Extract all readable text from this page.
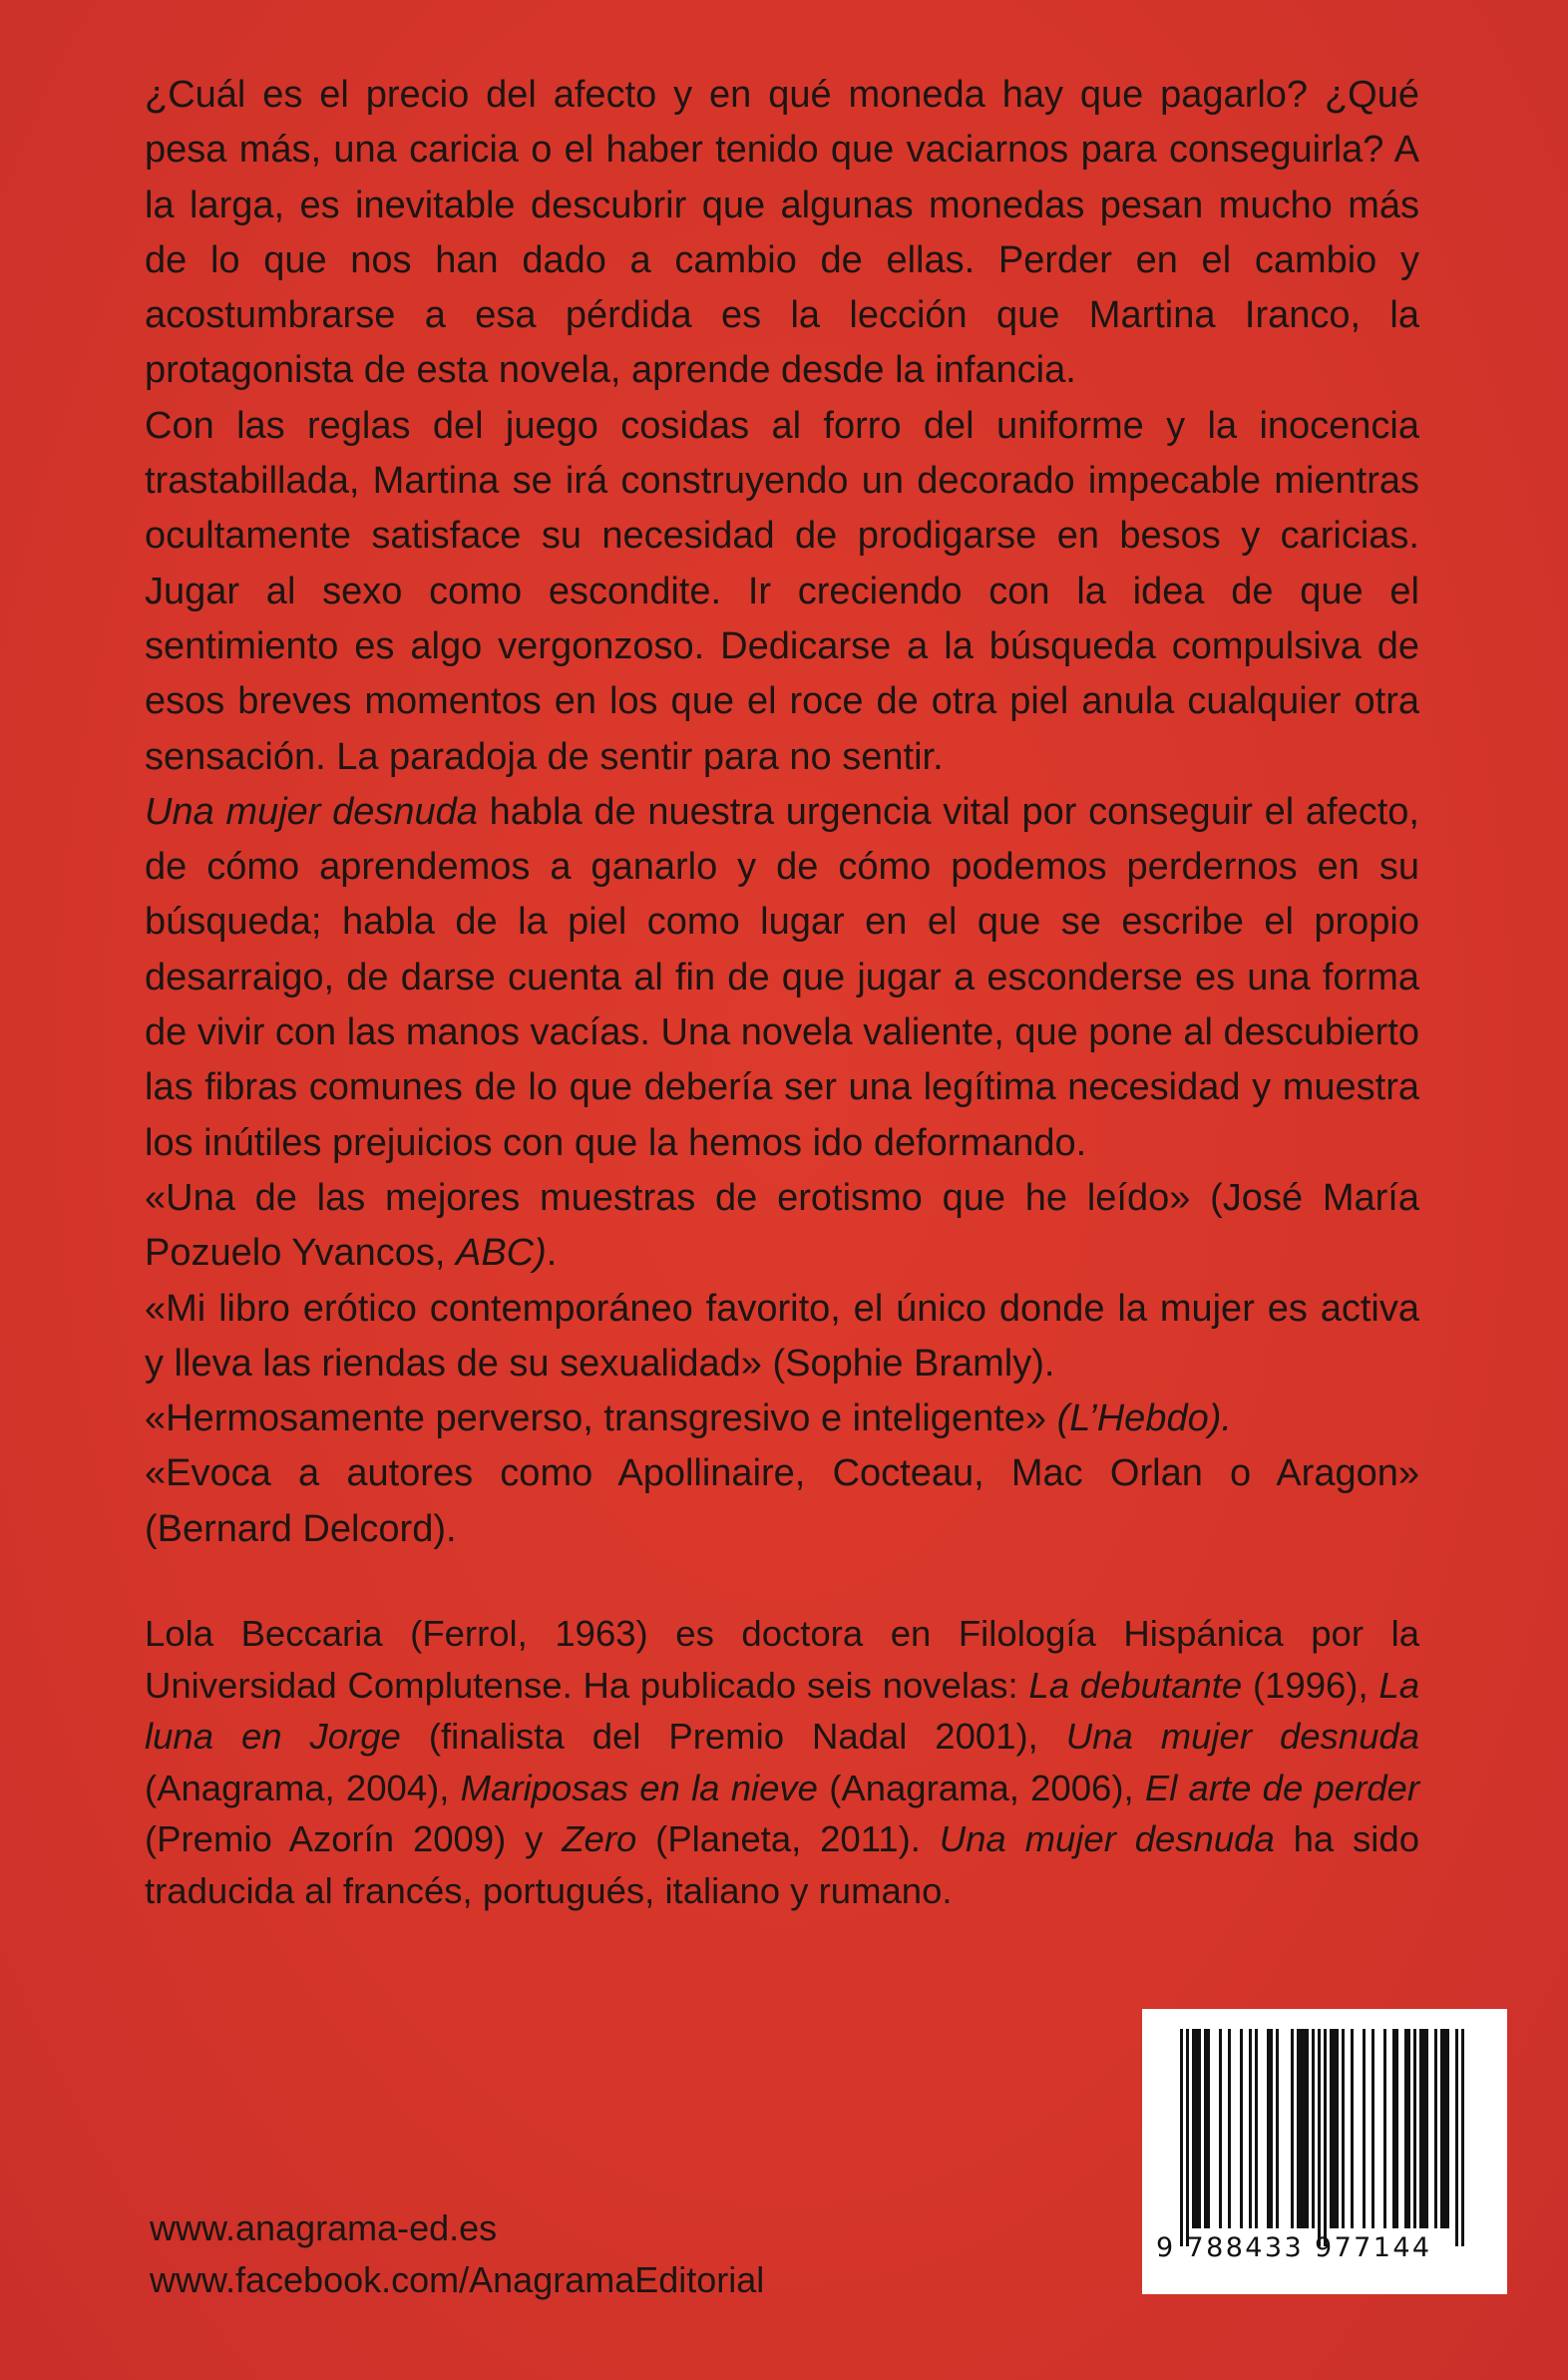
¿Cuál es el precio del afecto y en qué moneda hay que pagarlo? ¿Qué pesa más, una caricia o el haber tenido que vaciarnos para conseguirla? A la larga, es inevitable descubrir que algunas monedas pesan mucho más de lo que nos han dado a cambio de ellas. Perder en el cambio y acostumbrarse a esa pérdida es la lección que Martina Iranco, la protagonista de esta novela, aprende desde la infancia.

Con las reglas del juego cosidas al forro del uniforme y la inocencia trastabillada, Martina se irá construyendo un decorado impecable mientras ocultamente satisface su necesidad de prodigarse en besos y caricias. Jugar al sexo como escondite. Ir creciendo con la idea de que el sentimiento es algo vergonzoso. Dedicarse a la búsqueda compulsiva de esos breves momentos en los que el roce de otra piel anula cualquier otra sensación. La paradoja de sentir para no sentir.

Una mujer desnuda habla de nuestra urgencia vital por conseguir el afecto, de cómo aprendemos a ganarlo y de cómo podemos perdernos en su búsqueda; habla de la piel como lugar en el que se escribe el propio desarraigo, de darse cuenta al fin de que jugar a esconderse es una forma de vivir con las manos vacías. Una novela valiente, que pone al descubierto las fibras comunes de lo que debería ser una legítima necesidad y muestra los inútiles prejuicios con que la hemos ido deformando.

«Una de las mejores muestras de erotismo que he leído» (José María Pozuelo Yvancos, ABC).

«Mi libro erótico contemporáneo favorito, el único donde la mujer es activa y lleva las riendas de su sexualidad» (Sophie Bramly).

«Hermosamente perverso, transgresivo e inteligente» (L’Hebdo).

«Evoca a autores como Apollinaire, Cocteau, Mac Orlan o Aragon» (Bernard Delcord).

Lola Beccaria (Ferrol, 1963) es doctora en Filología Hispánica por la Universidad Complutense. Ha publicado seis novelas: La debutante (1996), La luna en Jorge (finalista del Premio Nadal 2001), Una mujer desnuda (Anagrama, 2004), Mariposas en la nieve (Anagrama, 2006), El arte de perder (Premio Azorín 2009) y Zero (Planeta, 2011). Una mujer desnuda ha sido traducida al francés, portugués, italiano y rumano.

www.anagrama-ed.es
www.facebook.com/AnagramaEditorial
9 788433 977144
